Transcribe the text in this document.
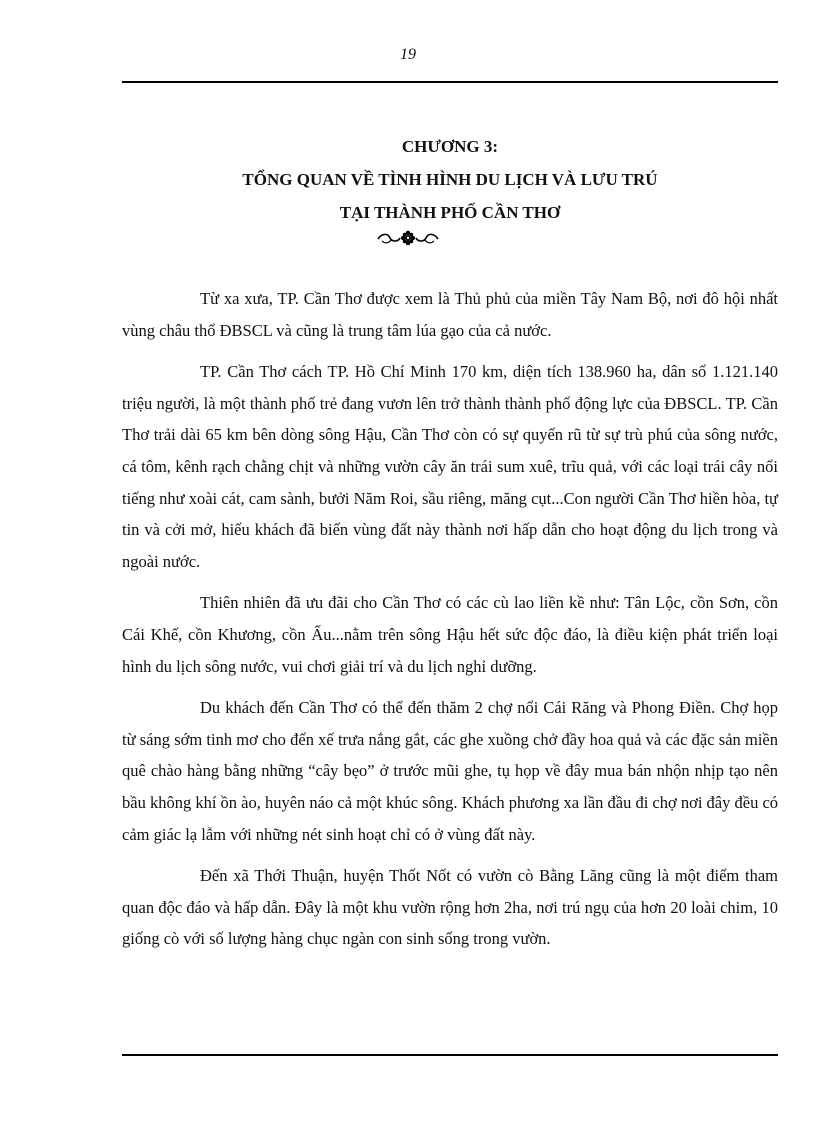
19
CHƯƠNG 3:
TỔNG QUAN VỀ TÌNH HÌNH DU LỊCH VÀ LƯU TRÚ
TẠI THÀNH PHỐ CẦN THƠ

Từ xa xưa, TP. Cần Thơ được xem là Thủ phủ của miền Tây Nam Bộ, nơi đô hội nhất vùng châu thổ ĐBSCL và cũng là trung tâm lúa gạo của cả nước.

TP. Cần Thơ cách TP. Hồ Chí Minh 170 km, diện tích 138.960 ha, dân số 1.121.140 triệu người, là một thành phố trẻ đang vươn lên trở thành thành phố động lực của ĐBSCL. TP. Cần Thơ trải dài 65 km bên dòng sông Hậu, Cần Thơ còn có sự quyến rũ từ sự trù phú của sông nước, cá tôm, kênh rạch chằng chịt và những vườn cây ăn trái sum xuê, trĩu quả, với các loại trái cây nổi tiếng như xoài cát, cam sành, bưởi Năm Roi, sầu riêng, măng cụt...Con người Cần Thơ hiền hòa, tự tin và cởi mở, hiếu khách đã biến vùng đất này thành nơi hấp dẫn cho hoạt động du lịch trong và ngoài nước.

Thiên nhiên đã ưu đãi cho Cần Thơ có các cù lao liền kề như: Tân Lộc, cồn Sơn, cồn Cái Khế, cồn Khương, cồn Ấu...nằm trên sông Hậu hết sức độc đáo, là điều kiện phát triển loại hình du lịch sông nước, vui chơi giải trí và du lịch nghỉ dưỡng.

Du khách đến Cần Thơ có thể đến thăm 2 chợ nổi Cái Răng và Phong Điền. Chợ họp từ sáng sớm tinh mơ cho đến xế trưa nắng gắt, các ghe xuồng chở đầy hoa quả và các đặc sản miền quê chào hàng bằng những “cây bẹo” ở trước mũi ghe, tụ họp về đây mua bán nhộn nhịp tạo nên bầu không khí ồn ào, huyên náo cả một khúc sông. Khách phương xa lần đầu đi chợ nơi đây đều có cảm giác lạ lẫm với những nét sinh hoạt chỉ có ở vùng đất này.

Đến xã Thới Thuận, huyện Thốt Nốt có vườn cò Bằng Lăng cũng là một điểm tham quan độc đáo và hấp dẫn. Đây là một khu vườn rộng hơn 2ha, nơi trú ngụ của hơn 20 loài chim, 10 giống cò với số lượng hàng chục ngàn con sinh sống trong vườn.
